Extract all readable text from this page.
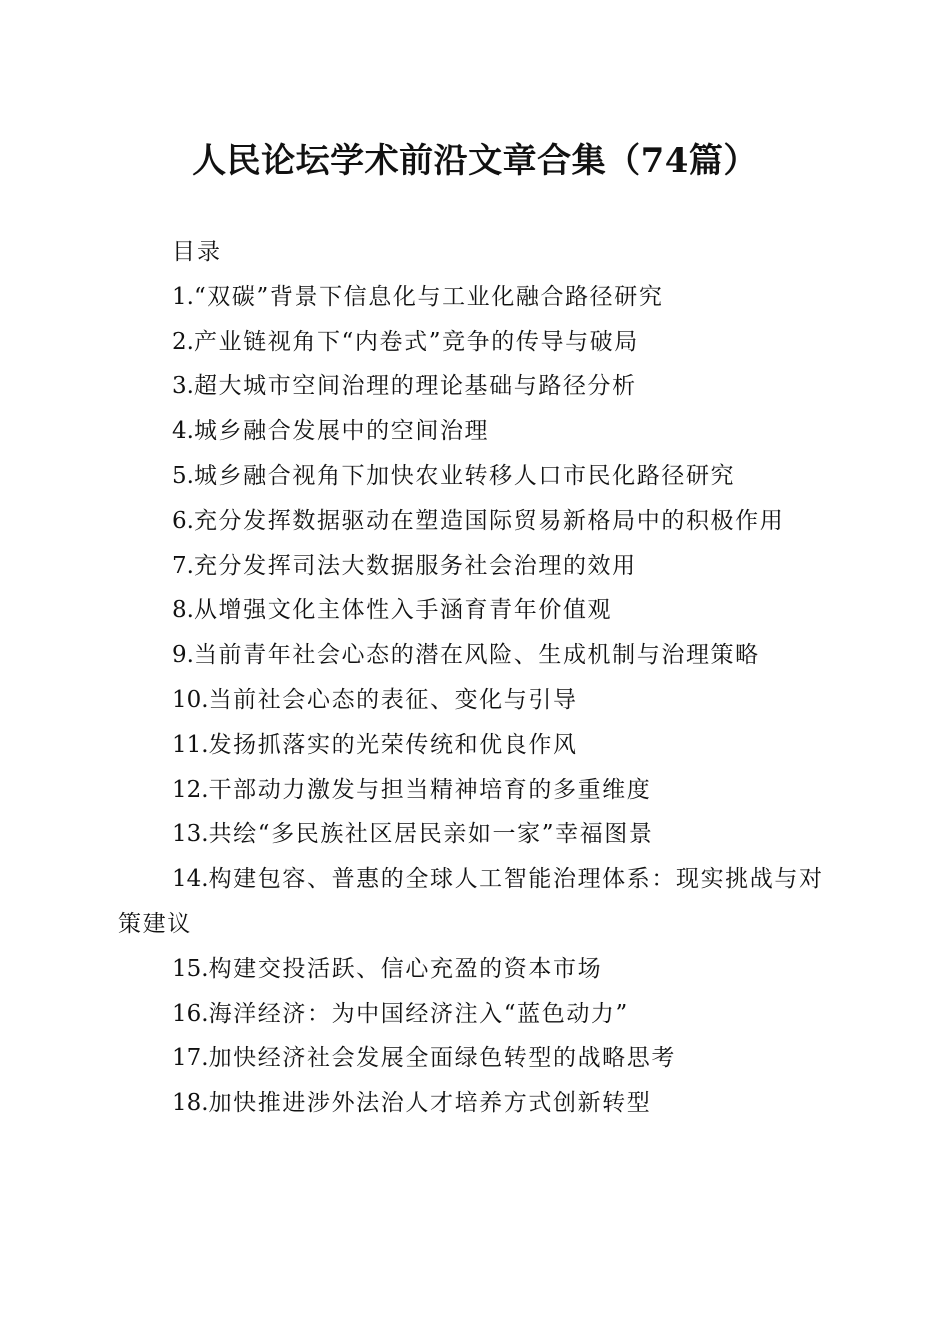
人民论坛学术前沿文章合集（74篇）
目录
1.“双碳”背景下信息化与工业化融合路径研究
2.产业链视角下“内卷式”竞争的传导与破局
3.超大城市空间治理的理论基础与路径分析
4.城乡融合发展中的空间治理
5.城乡融合视角下加快农业转移人口市民化路径研究
6.充分发挥数据驱动在塑造国际贸易新格局中的积极作用
7.充分发挥司法大数据服务社会治理的效用
8.从增强文化主体性入手涵育青年价值观
9.当前青年社会心态的潜在风险、生成机制与治理策略
10.当前社会心态的表征、变化与引导
11.发扬抓落实的光荣传统和优良作风
12.干部动力激发与担当精神培育的多重维度
13.共绘“多民族社区居民亲如一家”幸福图景
14.构建包容、普惠的全球人工智能治理体系：现实挑战与对策建议
15.构建交投活跃、信心充盈的资本市场
16.海洋经济：为中国经济注入“蓝色动力”
17.加快经济社会发展全面绿色转型的战略思考
18.加快推进涉外法治人才培养方式创新转型
